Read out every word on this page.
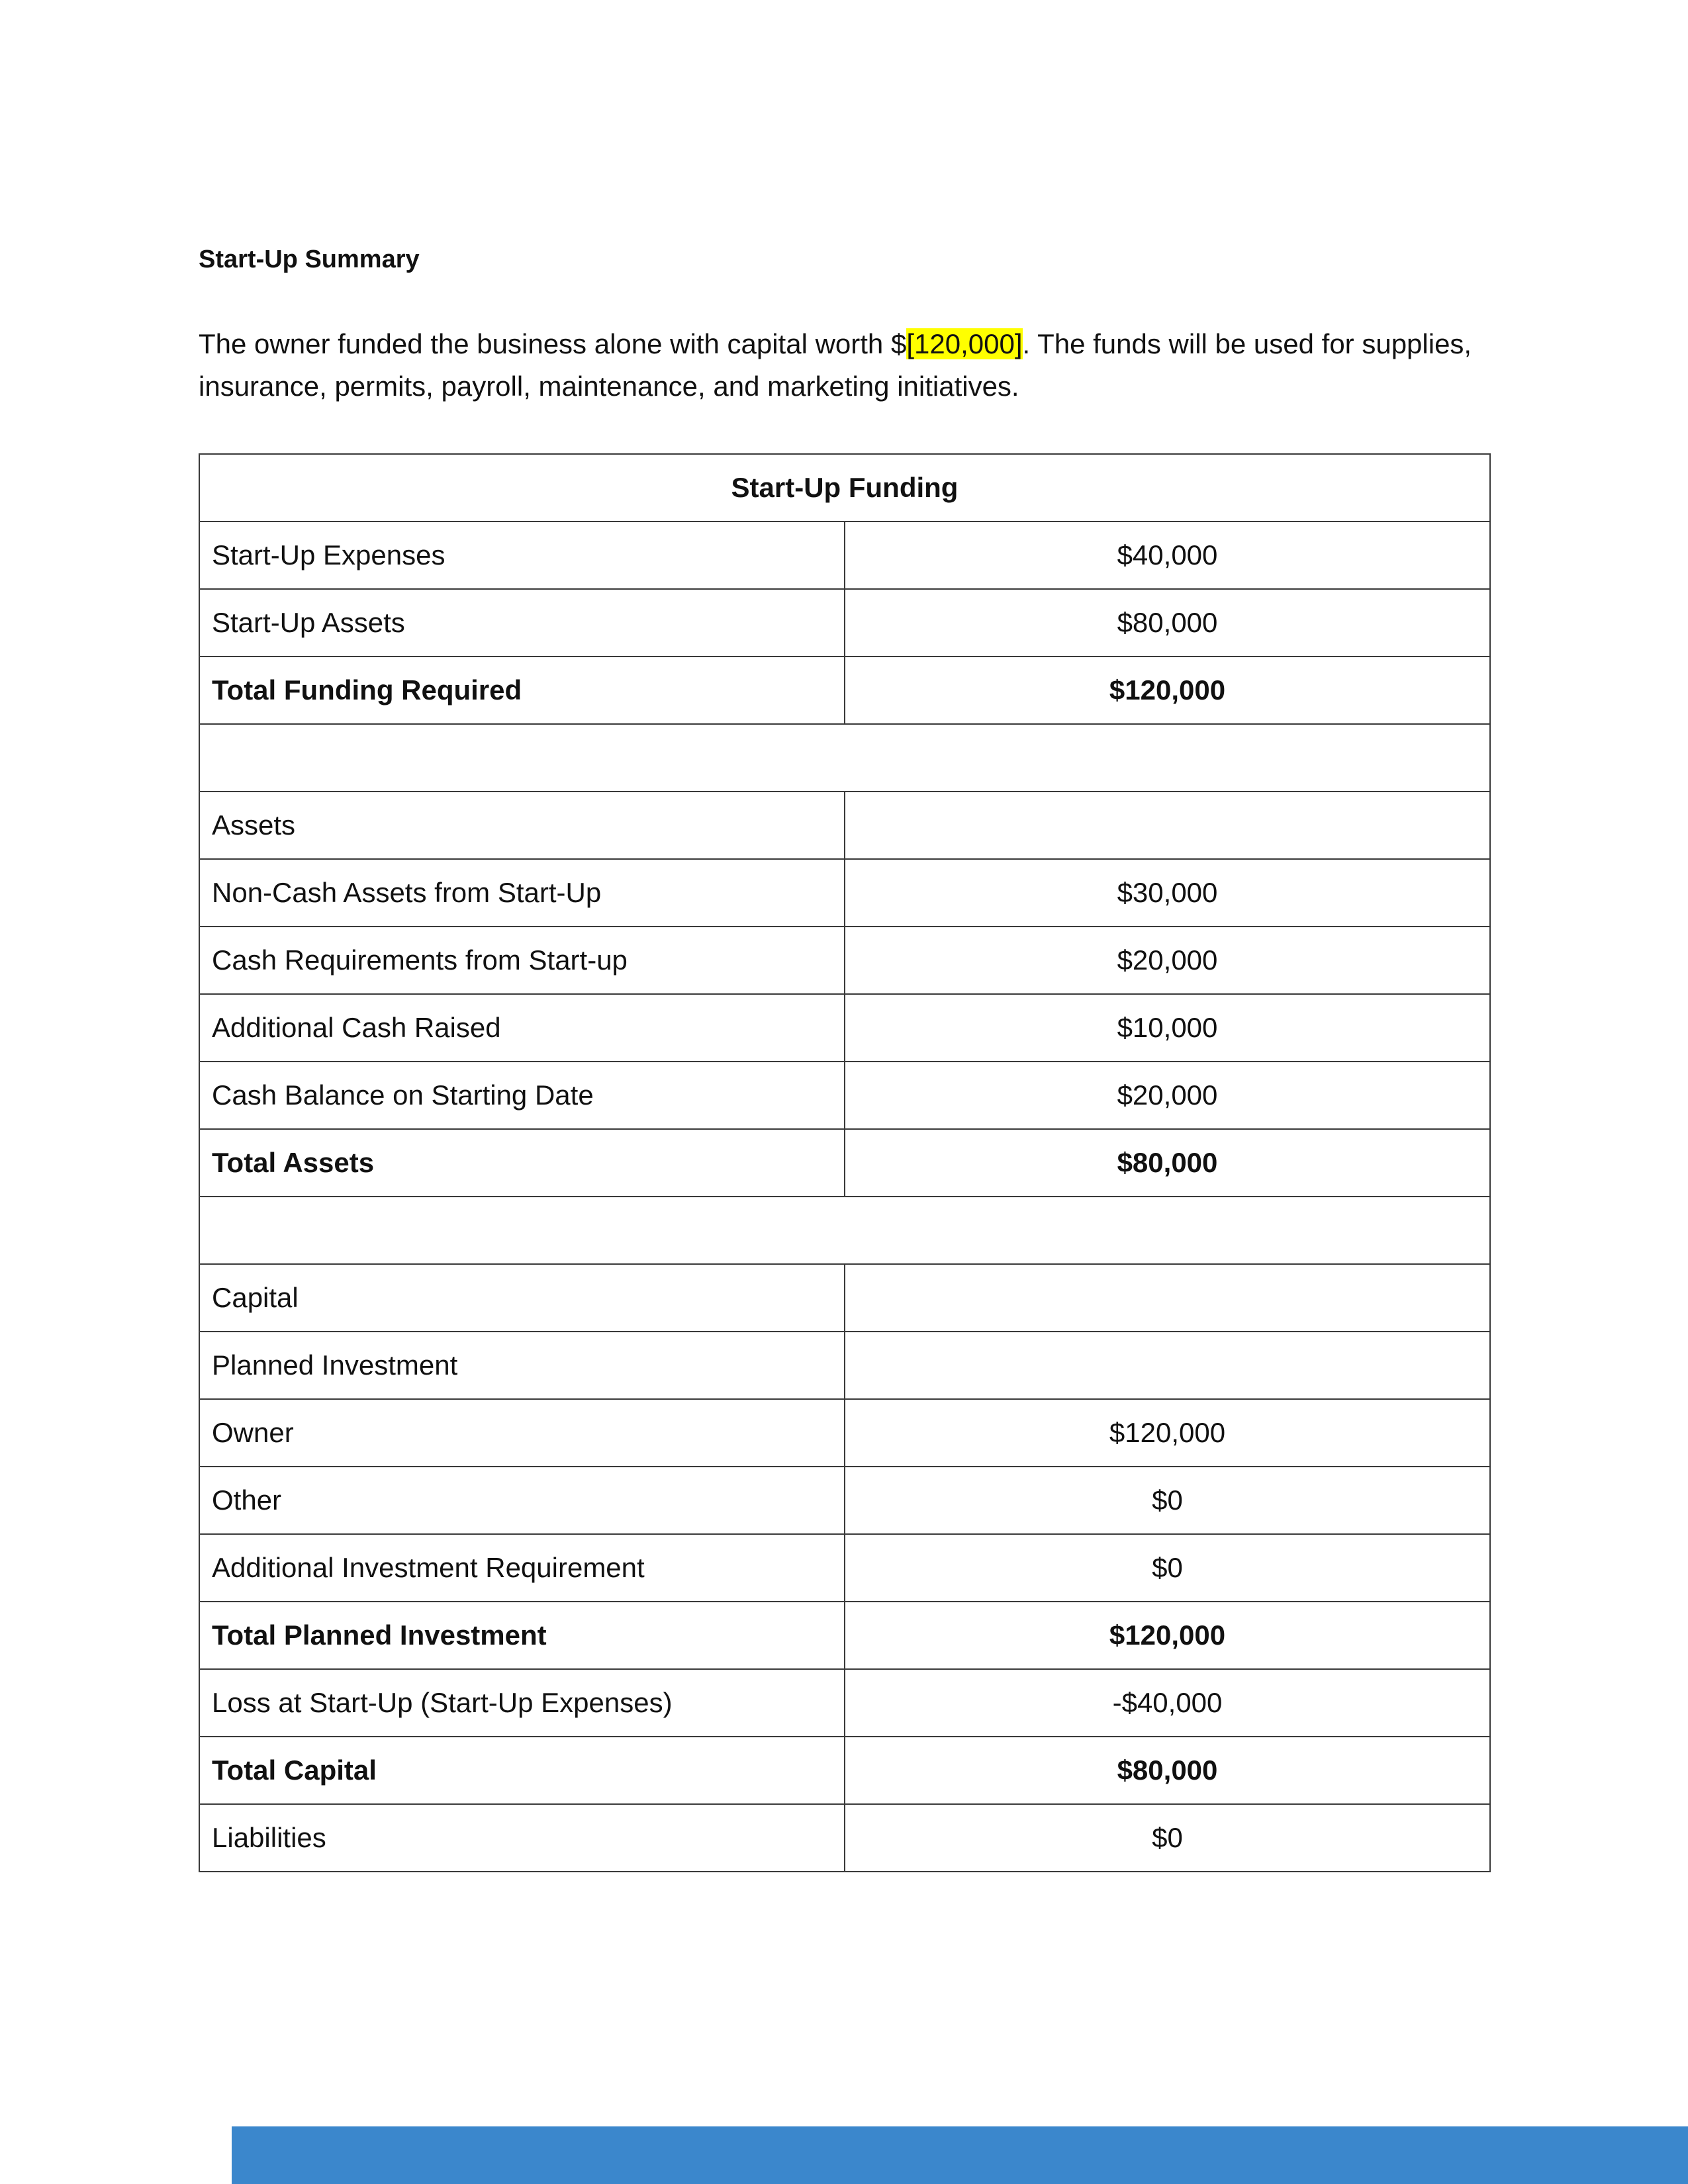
Start-Up Summary

The owner funded the business alone with capital worth $[120,000]. The funds will be used for supplies, insurance, permits, payroll, maintenance, and marketing initiatives.

Start-Up Funding	
Start-Up Expenses	$40,000
Start-Up Assets	$80,000
Total Funding Required	$120,000

Assets	
Non-Cash Assets from Start-Up	$30,000
Cash Requirements from Start-up	$20,000
Additional Cash Raised	$10,000
Cash Balance on Starting Date	$20,000
Total Assets	$80,000

Capital	
Planned Investment	
Owner	$120,000
Other	$0
Additional Investment Requirement	$0
Total Planned Investment	$120,000
Loss at Start-Up (Start-Up Expenses)	-$40,000
Total Capital	$80,000
Liabilities	$0
